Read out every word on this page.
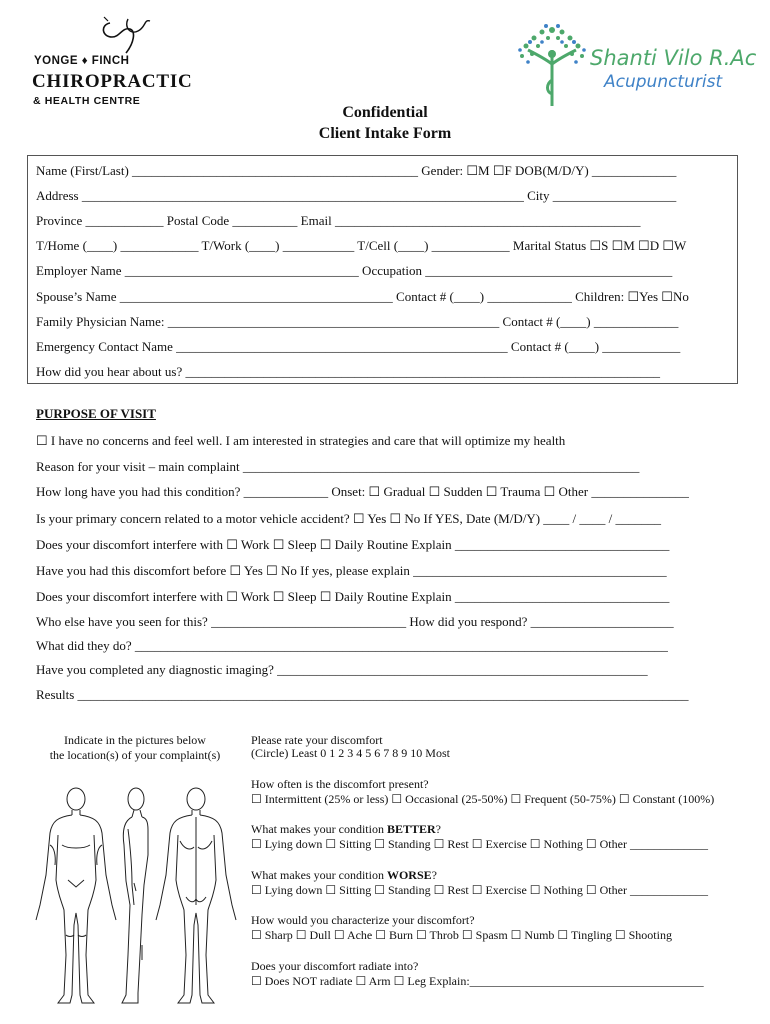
YONGE ♦ FINCH
CHIROPRACTIC
& HEALTH CENTRE
Shanti Vilo R.Ac
Acupuncturist
Confidential
Client Intake Form
Name (First/Last) ____________________________________________ Gender: ☐M ☐F DOB(M/D/Y) _____________
Address ____________________________________________________________________ City ___________________
Province ____________ Postal Code __________ Email _______________________________________________
T/Home (____) ____________ T/Work (____) ___________ T/Cell (____) ____________ Marital Status ☐S ☐M ☐D ☐W
Employer Name ____________________________________ Occupation ______________________________________
Spouse’s Name __________________________________________ Contact # (____) _____________ Children: ☐Yes ☐No
Family Physician Name: ___________________________________________________ Contact # (____) _____________
Emergency Contact Name ___________________________________________________ Contact # (____) ____________
How did you hear about us? _________________________________________________________________________
PURPOSE OF VISIT
☐ I have no concerns and feel well. I am interested in strategies and care that will optimize my health
Reason for your visit – main complaint _____________________________________________________________
How long have you had this condition? _____________ Onset: ☐ Gradual ☐ Sudden ☐ Trauma ☐ Other _______________
Is your primary concern related to a motor vehicle accident? ☐ Yes ☐ No If YES, Date (M/D/Y) ____ / ____ / _______
Does your discomfort interfere with ☐ Work ☐ Sleep ☐ Daily Routine Explain _________________________________
Have you had this discomfort before ☐ Yes ☐ No If yes, please explain _______________________________________
Does your discomfort interfere with ☐ Work ☐ Sleep ☐ Daily Routine Explain _________________________________
Who else have you seen for this? ______________________________ How did you respond? ______________________
What did they do? __________________________________________________________________________________
Have you completed any diagnostic imaging? _________________________________________________________
Results ______________________________________________________________________________________________
Indicate in the pictures below
the location(s) of your complaint(s)
Please rate your discomfort
(Circle) Least 0 1 2 3 4 5 6 7 8 9 10 Most
How often is the discomfort present?
☐ Intermittent (25% or less) ☐ Occasional (25-50%) ☐ Frequent (50-75%) ☐ Constant (100%)
What makes your condition BETTER?
☐ Lying down ☐ Sitting ☐ Standing ☐ Rest ☐ Exercise ☐ Nothing ☐ Other _____________
What makes your condition WORSE?
☐ Lying down ☐ Sitting ☐ Standing ☐ Rest ☐ Exercise ☐ Nothing ☐ Other _____________
How would you characterize your discomfort?
☐ Sharp ☐ Dull ☐ Ache ☐ Burn ☐ Throb ☐ Spasm ☐ Numb ☐ Tingling ☐ Shooting
Does your discomfort radiate into?
☐ Does NOT radiate ☐ Arm ☐ Leg Explain:_______________________________________
